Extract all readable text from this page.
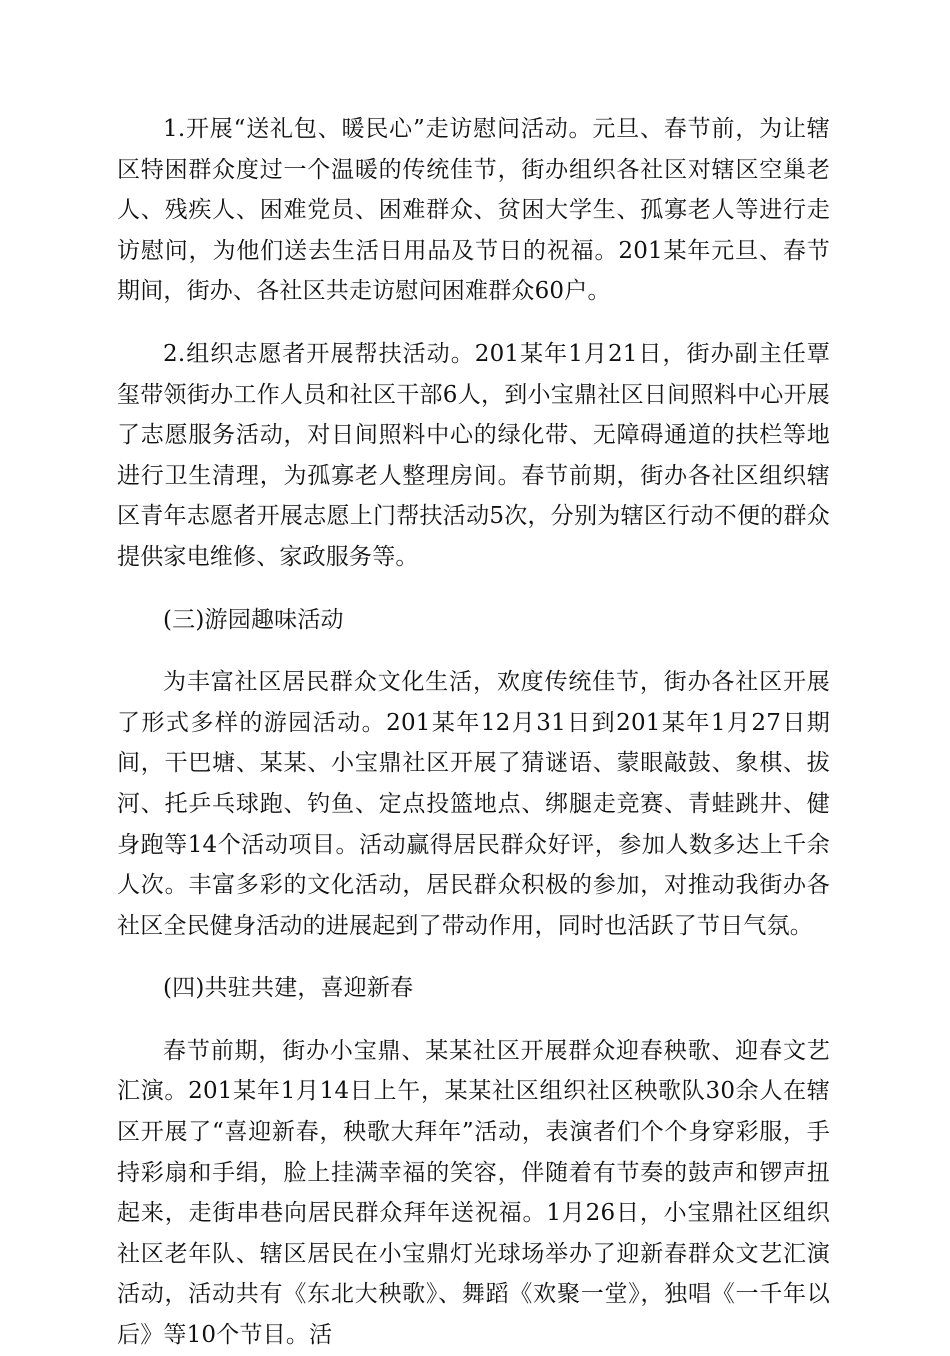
1.开展“送礼包、暖民心”走访慰问活动。元旦、春节前，为让辖区特困群众度过一个温暖的传统佳节，街办组织各社区对辖区空巢老人、残疾人、困难党员、困难群众、贫困大学生、孤寡老人等进行走访慰问，为他们送去生活日用品及节日的祝福。201某年元旦、春节期间，街办、各社区共走访慰问困难群众60户。

2.组织志愿者开展帮扶活动。201某年1月21日，街办副主任覃玺带领街办工作人员和社区干部6人，到小宝鼎社区日间照料中心开展了志愿服务活动，对日间照料中心的绿化带、无障碍通道的扶栏等地进行卫生清理，为孤寡老人整理房间。春节前期，街办各社区组织辖区青年志愿者开展志愿上门帮扶活动5次，分别为辖区行动不便的群众提供家电维修、家政服务等。

(三)游园趣味活动

为丰富社区居民群众文化生活，欢度传统佳节，街办各社区开展了形式多样的游园活动。201某年12月31日到201某年1月27日期间，干巴塘、某某、小宝鼎社区开展了猜谜语、蒙眼敲鼓、象棋、拔河、托乒乓球跑、钓鱼、定点投篮地点、绑腿走竞赛、青蛙跳井、健身跑等14个活动项目。活动赢得居民群众好评，参加人数多达上千余人次。丰富多彩的文化活动，居民群众积极的参加，对推动我街办各社区全民健身活动的进展起到了带动作用，同时也活跃了节日气氛。

(四)共驻共建，喜迎新春

春节前期，街办小宝鼎、某某社区开展群众迎春秧歌、迎春文艺汇演。201某年1月14日上午，某某社区组织社区秧歌队30余人在辖区开展了“喜迎新春，秧歌大拜年”活动，表演者们个个身穿彩服，手持彩扇和手绢，脸上挂满幸福的笑容，伴随着有节奏的鼓声和锣声扭起来，走街串巷向居民群众拜年送祝福。1月26日，小宝鼎社区组织社区老年队、辖区居民在小宝鼎灯光球场举办了迎新春群众文艺汇演活动，活动共有《东北大秧歌》、舞蹈《欢聚一堂》，独唱《一千年以后》等10个节目。活
